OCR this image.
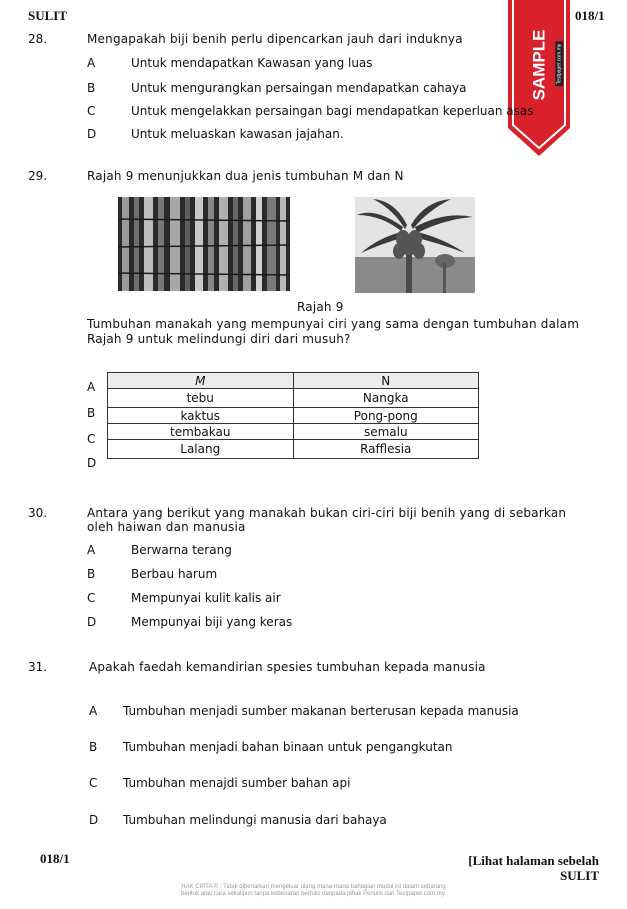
SULIT	018/1
SAMPLE Testpaper.com.my
28.	Mengapakah biji benih perlu dipencarkan jauh dari induknya
A	Untuk mendapatkan Kawasan yang luas
B	Untuk mengurangkan persaingan mendapatkan cahaya
C	Untuk mengelakkan persaingan bagi mendapatkan keperluan asas
D	Untuk meluaskan kawasan jajahan.
29.	Rajah 9 menunjukkan dua jenis tumbuhan M dan N
Rajah 9
Tumbuhan manakah yang mempunyai ciri yang sama dengan tumbuhan dalam
Rajah 9 untuk melindungi diri dari musuh?
A
B
C
D
M	N
tebu	Nangka
kaktus	Pong-pong
tembakau	semalu
Lalang	Rafflesia
30.	Antara yang berikut yang manakah bukan ciri-ciri biji benih yang di sebarkan
oleh haiwan dan manusia
A	Berwarna terang
B	Berbau harum
C	Mempunyai kulit kalis air
D	Mempunyai biji yang keras
31.	Apakah faedah kemandirian spesies tumbuhan kepada manusia
A Tumbuhan menjadi sumber makanan berterusan kepada manusia
B Tumbuhan menjadi bahan binaan untuk pengangkutan
C Tumbuhan menajdi sumber bahan api
D Tumbuhan melindungi manusia dari bahaya
018/1	[Lihat halaman sebelah
SULIT
HAK CIPTA © : Tidak dibenarkan mengeluar ulang mana-mana bahagian modul ini dalam sebarang
bentuk atau cara sekalipun tanpa kebenaran bertulis daripada pihak Penulis dan Testpaper.com.my.
